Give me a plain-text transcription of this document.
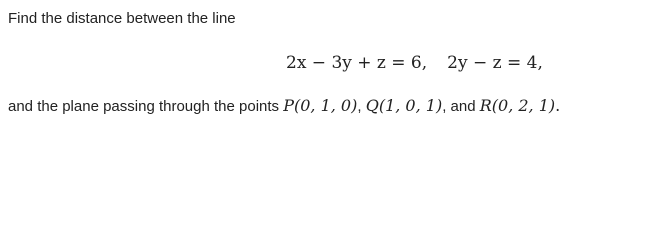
Find the distance between the line
2x − 3y + z = 6, 2y − z = 4,
and the plane passing through the points P(0, 1, 0), Q(1, 0, 1), and R(0, 2, 1).
